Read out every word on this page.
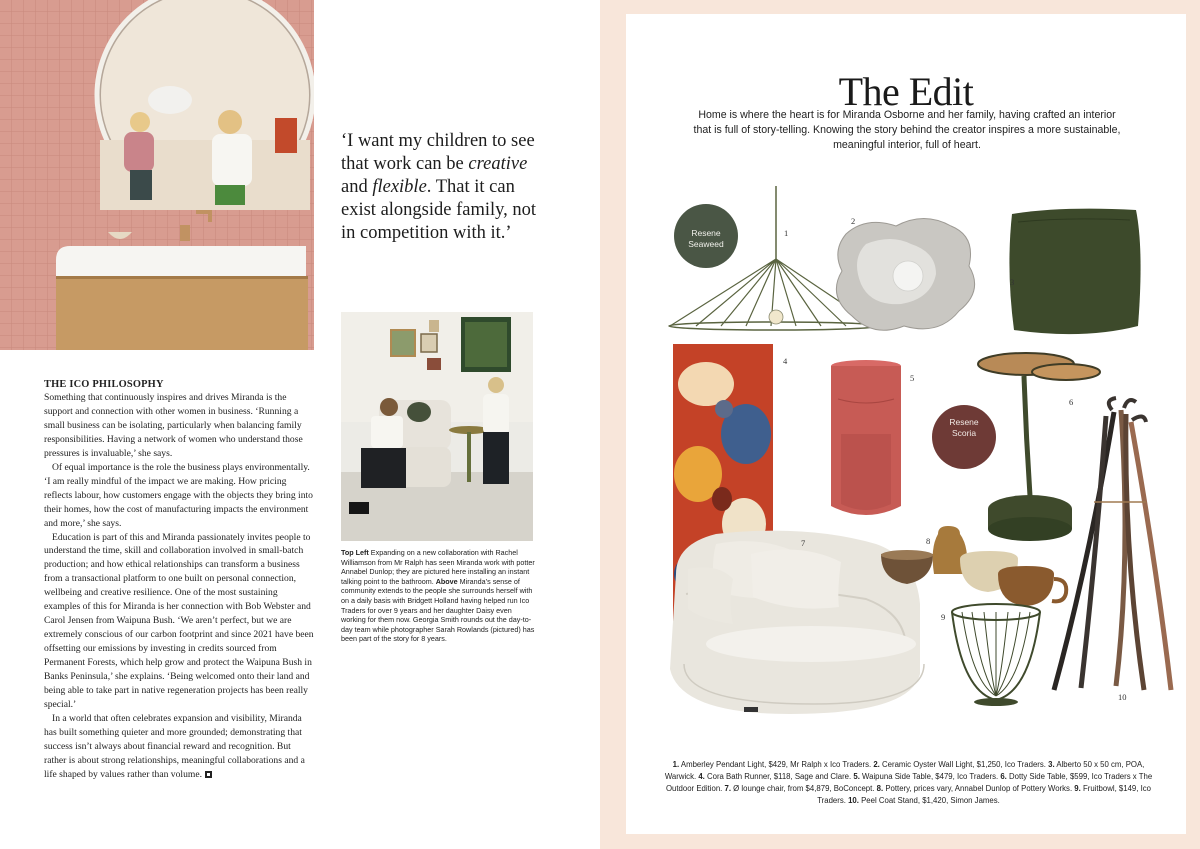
‘I want my children to see that work can be creative and flexible. That it can exist alongside family, not in competition with it.’
Top Left Expanding on a new collaboration with Rachel Williamson from Mr Ralph has seen Miranda work with potter Annabel Dunlop; they are pictured here installing an instant talking point to the bathroom. Above Miranda’s sense of community extends to the people she surrounds herself with on a daily basis with Bridgett Holland having helped run Ico Traders for over 9 years and her daughter Daisy even working for them now. Georgia Smith rounds out the day-to-day team while photographer Sarah Rowlands (pictured) has been part of the story for 8 years.
THE ICO PHILOSOPHY

Something that continuously inspires and drives Miranda is the support and connection with other women in business. ‘Running a small business can be isolating, particularly when balancing family responsibilities. Having a network of women who understand those pressures is invaluable,’ she says.

Of equal importance is the role the business plays environmentally. ‘I am really mindful of the impact we are making. How pricing reflects labour, how customers engage with the objects they bring into their homes, how the cost of manufacturing impacts the environment and more,’ she says.

Education is part of this and Miranda passionately invites people to understand the time, skill and collaboration involved in small-batch production; and how ethical relationships can transform a business from a transactional platform to one built on personal connection, wellbeing and creative resilience. One of the most sustaining examples of this for Miranda is her connection with Bob Webster and Carol Jensen from Waipuna Bush. ‘We aren’t perfect, but we are extremely conscious of our carbon footprint and since 2021 have been offsetting our emissions by investing in credits sourced from Permanent Forests, which help grow and protect the Waipuna Bush in Banks Peninsula,’ she explains. ‘Being welcomed onto their land and being able to take part in native regeneration projects has been really special.’

In a world that often celebrates expansion and visibility, Miranda has built something quieter and more grounded; demonstrating that success isn’t always about financial reward and recognition. But rather is about strong relationships, meaningful collaborations and a life shaped by values rather than volume.

The Edit
Home is where the heart is for Miranda Osborne and her family, having crafted an interior that is full of story-telling. Knowing the story behind the creator inspires a more sustainable, meaningful interior, full of heart.
Resene
Seaweed
1
2
3
4
5
Resene
Scoria
6
7	8
9
10
1. Amberley Pendant Light, $429, Mr Ralph x Ico Traders. 2. Ceramic Oyster Wall Light, $1,250, Ico Traders. 3. Alberto 50 x 50 cm, POA, Warwick. 4. Cora Bath Runner, $118, Sage and Clare. 5. Waipuna Side Table, $479, Ico Traders. 6. Dotty Side Table, $599, Ico Traders x The Outdoor Edition. 7. Ø lounge chair, from $4,879, BoConcept. 8. Pottery, prices vary, Annabel Dunlop of Pottery Works. 9. Fruitbowl, $149, Ico Traders. 10. Peel Coat Stand, $1,420, Simon James.
